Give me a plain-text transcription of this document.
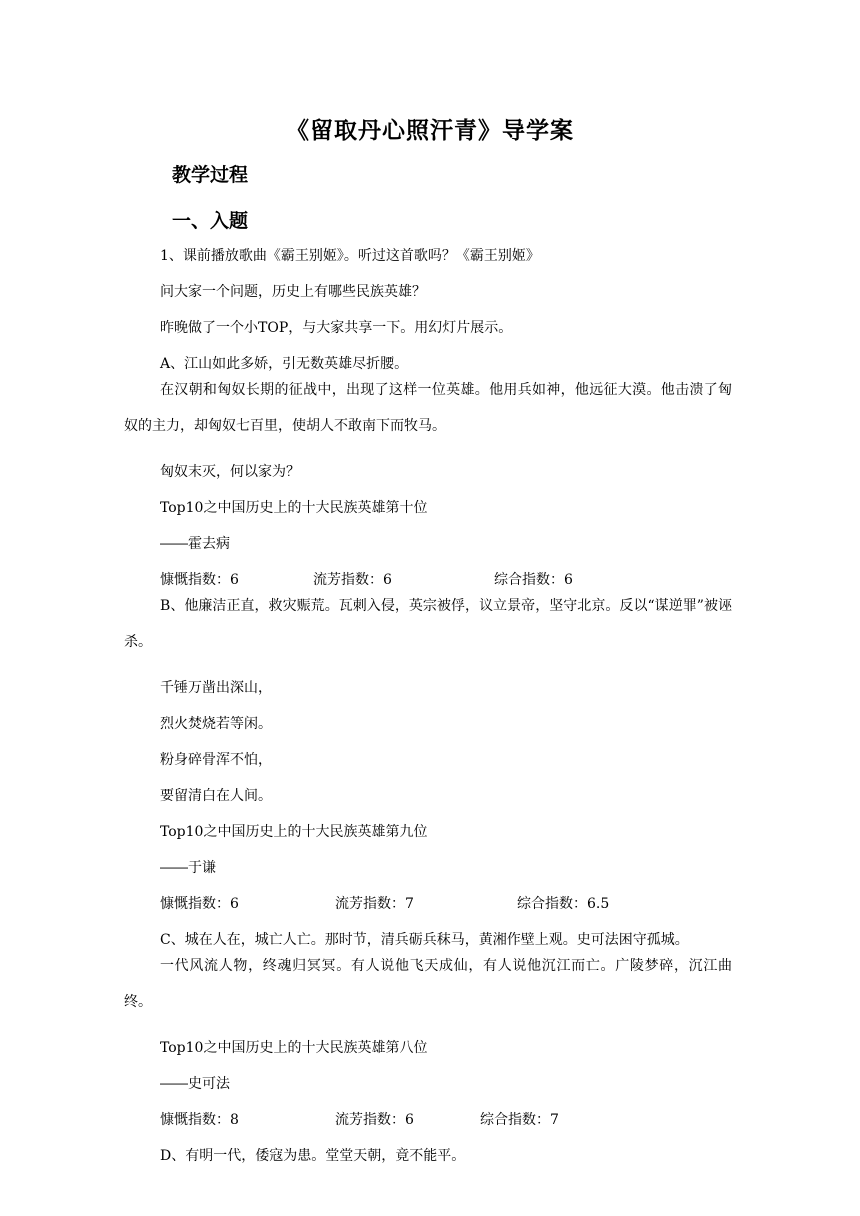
《留取丹心照汗青》导学案
教学过程
一、入题
1、课前播放歌曲《霸王别姬》。听过这首歌吗？《霸王别姬》
问大家一个问题，历史上有哪些民族英雄？
昨晚做了一个小TOP，与大家共享一下。用幻灯片展示。
A、江山如此多娇，引无数英雄尽折腰。
在汉朝和匈奴长期的征战中，出现了这样一位英雄。他用兵如神，他远征大漠。他击溃了匈奴的主力，却匈奴七百里，使胡人不敢南下而牧马。
匈奴末灭，何以家为？
Top10之中国历史上的十大民族英雄第十位
――霍去病
慷慨指数：6	流芳指数：6	综合指数：6
B、他廉洁正直，救灾赈荒。瓦刺入侵，英宗被俘，议立景帝，坚守北京。反以“谋逆罪”被诬杀。
千锤万凿出深山，
烈火焚烧若等闲。
粉身碎骨浑不怕，
要留清白在人间。
Top10之中国历史上的十大民族英雄第九位
――于谦
慷慨指数：6	流芳指数：7	综合指数：6.5
C、城在人在，城亡人亡。那时节，清兵砺兵秣马，黄湘作壁上观。史可法困守孤城。
一代风流人物，终魂归冥冥。有人说他飞天成仙，有人说他沉江而亡。广陵梦碎，沉江曲终。
Top10之中国历史上的十大民族英雄第八位
――史可法
慷慨指数：8	流芳指数：6	综合指数：7
D、有明一代，倭寇为患。堂堂天朝，竟不能平。
